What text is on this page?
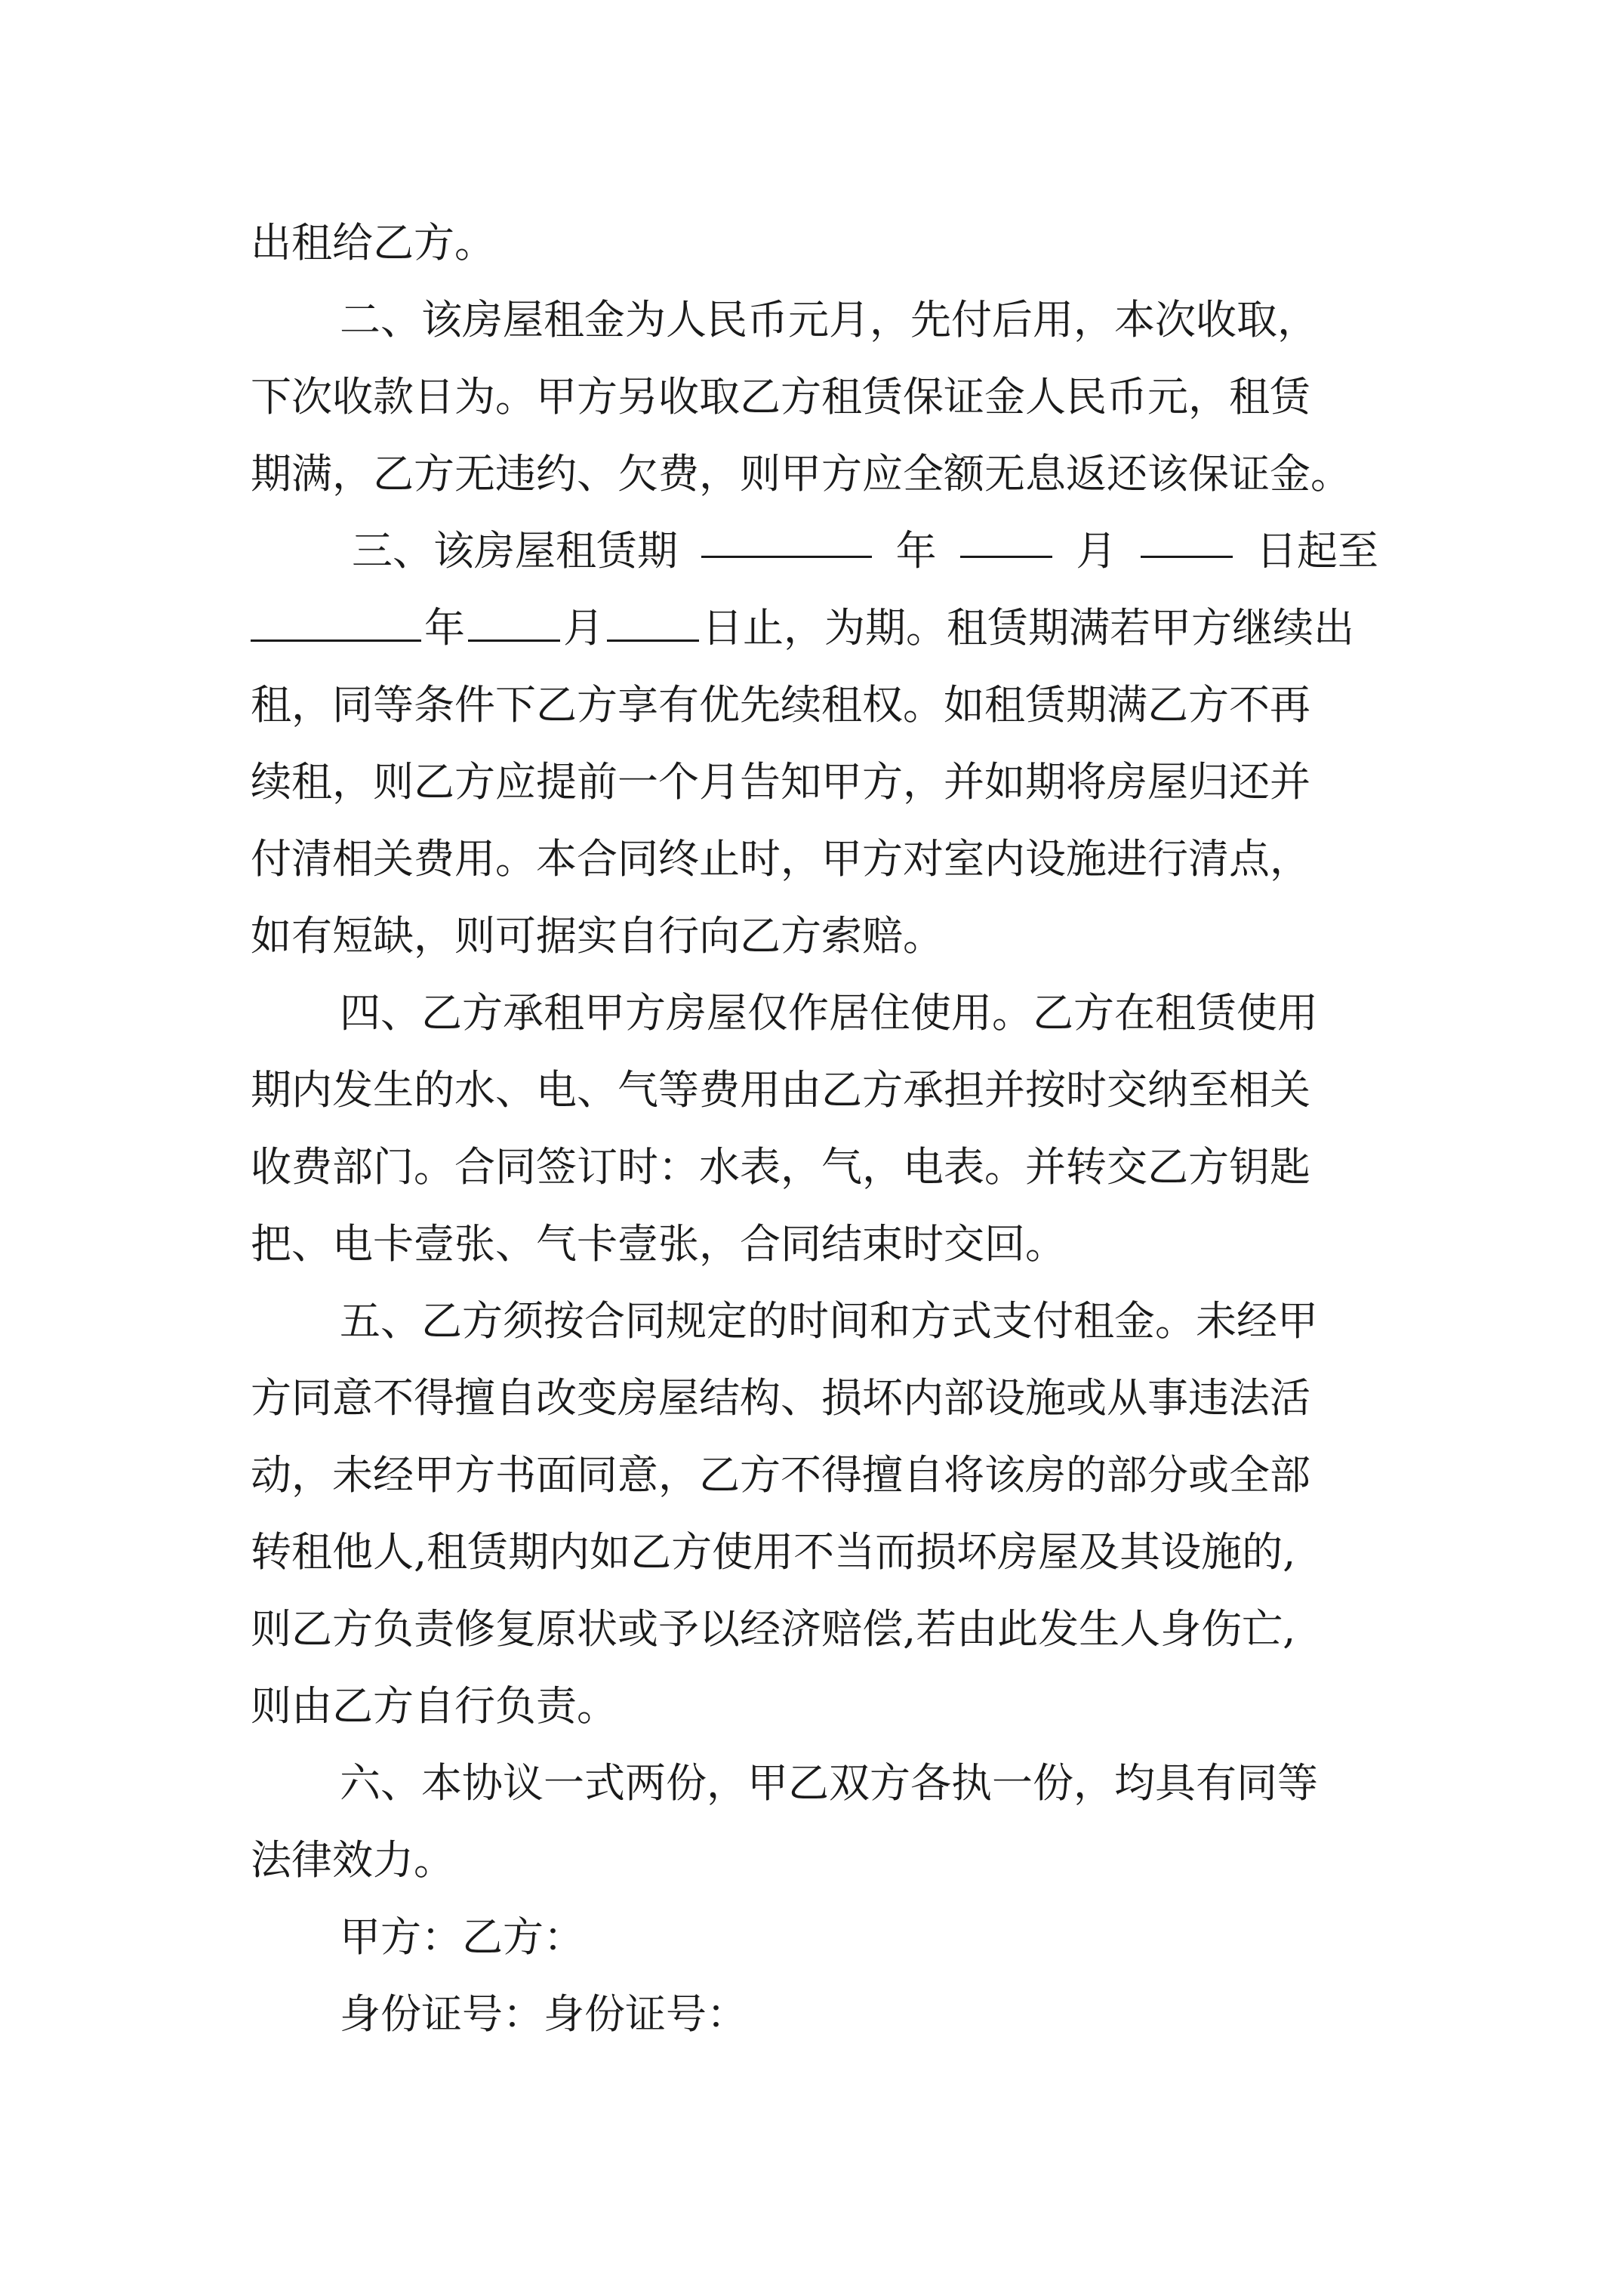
出租给乙方。
二、该房屋租金为人民币元月，先付后用，本次收取，
下次收款日为。甲方另收取乙方租赁保证金人民币元，租赁
期满，乙方无违约、欠费，则甲方应全额无息返还该保证金。
三、该房屋租赁期	年	月	日起至
年 月 日止，为期。租赁期满若甲方继续出
租，同等条件下乙方享有优先续租权。如租赁期满乙方不再
续租，则乙方应提前一个月告知甲方，并如期将房屋归还并
付清相关费用。本合同终止时，甲方对室内设施进行清点，
如有短缺，则可据实自行向乙方索赔。
四、乙方承租甲方房屋仅作居住使用。乙方在租赁使用
期内发生的水、电、气等费用由乙方承担并按时交纳至相关
收费部门。合同签订时：水表，气，电表。并转交乙方钥匙
把、电卡壹张、气卡壹张，合同结束时交回。
五、乙方须按合同规定的时间和方式支付租金。未经甲
方同意不得擅自改变房屋结构、损坏内部设施或从事违法活
动，未经甲方书面同意，乙方不得擅自将该房的部分或全部
转租他人,租赁期内如乙方使用不当而损坏房屋及其设施的,
则乙方负责修复原状或予以经济赔偿,若由此发生人身伤亡,
则由乙方自行负责。
六、本协议一式两份，甲乙双方各执一份，均具有同等
法律效力。
甲方：乙方：
身份证号：身份证号：
